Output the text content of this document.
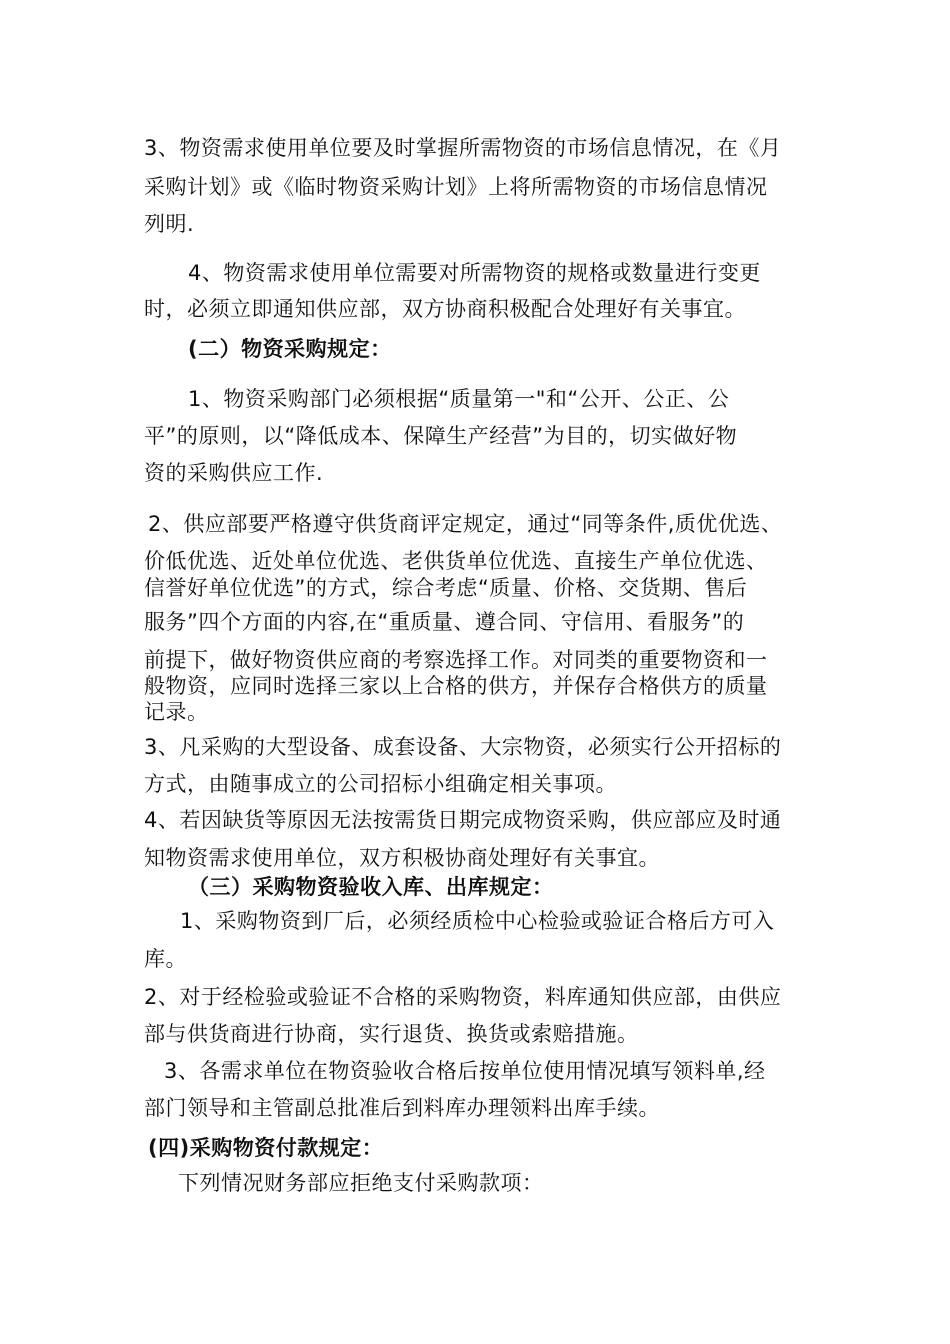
3、物资需求使用单位要及时掌握所需物资的市场信息情况，在《月
采购计划》或《临时物资采购计划》上将所需物资的市场信息情况
列明.
4、物资需求使用单位需要对所需物资的规格或数量进行变更
时，必须立即通知供应部，双方协商积极配合处理好有关事宜。
(二）物资采购规定：
1、物资采购部门必须根据“质量第一"和“公开、公正、公
平”的原则，以“降低成本、保障生产经营”为目的，切实做好物
资的采购供应工作.
2、供应部要严格遵守供货商评定规定，通过“同等条件,质优优选、
价低优选、近处单位优选、老供货单位优选、直接生产单位优选、
信誉好单位优选”的方式，综合考虑“质量、价格、交货期、售后
服务”四个方面的内容,在“重质量、遵合同、守信用、看服务”的
前提下，做好物资供应商的考察选择工作。对同类的重要物资和一
般物资，应同时选择三家以上合格的供方，并保存合格供方的质量
记录。
3、凡采购的大型设备、成套设备、大宗物资，必须实行公开招标的
方式，由随事成立的公司招标小组确定相关事项。
4、若因缺货等原因无法按需货日期完成物资采购，供应部应及时通
知物资需求使用单位，双方积极协商处理好有关事宜。
（三）采购物资验收入库、出库规定：
1、采购物资到厂后，必须经质检中心检验或验证合格后方可入
库。
2、对于经检验或验证不合格的采购物资，料库通知供应部，由供应
部与供货商进行协商，实行退货、换货或索赔措施。
3、各需求单位在物资验收合格后按单位使用情况填写领料单,经
部门领导和主管副总批准后到料库办理领料出库手续。
(四)采购物资付款规定：
下列情况财务部应拒绝支付采购款项：
